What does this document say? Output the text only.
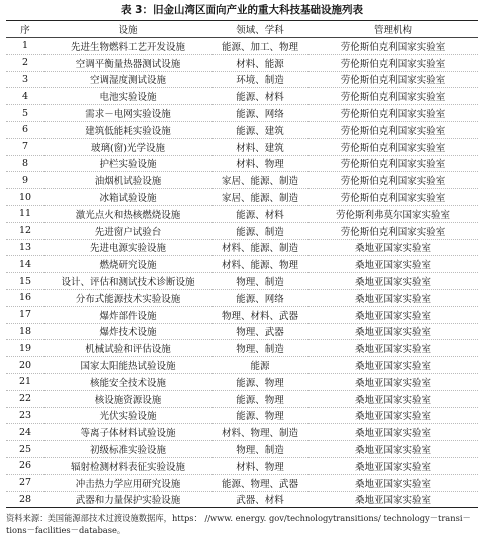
表 3：旧金山湾区面向产业的重大科技基础设施列表
序	设施	领域、学科	管理机构
1	先进生物燃料工艺开发设施	能源、加工、物理	劳伦斯伯克利国家实验室
2	空调平衡量热器测试设施	材料、能源	劳伦斯伯克利国家实验室
3	空调湿度测试设施	环境、制造	劳伦斯伯克利国家实验室
4	电池实验设施	能源、材料	劳伦斯伯克利国家实验室
5	需求－电网实验设施	能源、网络	劳伦斯伯克利国家实验室
6	建筑低能耗实验设施	能源、建筑	劳伦斯伯克利国家实验室
7	玻璃(窗)光学设施	材料、建筑	劳伦斯伯克利国家实验室
8	护栏实验设施	材料、物理	劳伦斯伯克利国家实验室
9	油烟机试验设施	家居、能源、制造	劳伦斯伯克利国家实验室
10	冰箱试验设施	家居、能源、制造	劳伦斯伯克利国家实验室
11	激光点火和热核燃烧设施	能源、材料	劳伦斯利弗莫尔国家实验室
12	先进窗户试验台	能源、制造	劳伦斯伯克利国家实验室
13	先进电源实验设施	材料、能源、制造	桑地亚国家实验室
14	燃烧研究设施	材料、能源、物理	桑地亚国家实验室
15	设计、评估和测试技术诊断设施	物理、制造	桑地亚国家实验室
16	分布式能源技术实验设施	能源、网络	桑地亚国家实验室
17	爆炸部件设施	物理、材料、武器	桑地亚国家实验室
18	爆炸技术设施	物理、武器	桑地亚国家实验室
19	机械试验和评估设施	物理、制造	桑地亚国家实验室
20	国家太阳能热试验设施	能源	桑地亚国家实验室
21	核能安全技术设施	能源、物理	桑地亚国家实验室
22	核设施资源设施	能源、物理	桑地亚国家实验室
23	光伏实验设施	能源、物理	桑地亚国家实验室
24	等离子体材料试验设施	材料、物理、制造	桑地亚国家实验室
25	初级标准实验设施	物理、制造	桑地亚国家实验室
26	辐射检测材料表征实验设施	材料、物理	桑地亚国家实验室
27	冲击热力学应用研究设施	能源、物理、武器	桑地亚国家实验室
28	武器和力量保护实验设施	武器、材料	桑地亚国家实验室
资料来源：美国能源部技术过渡设施数据库，https： //www. energy. gov/technologytransitions/ technology－transi－tions－facilities－database。
